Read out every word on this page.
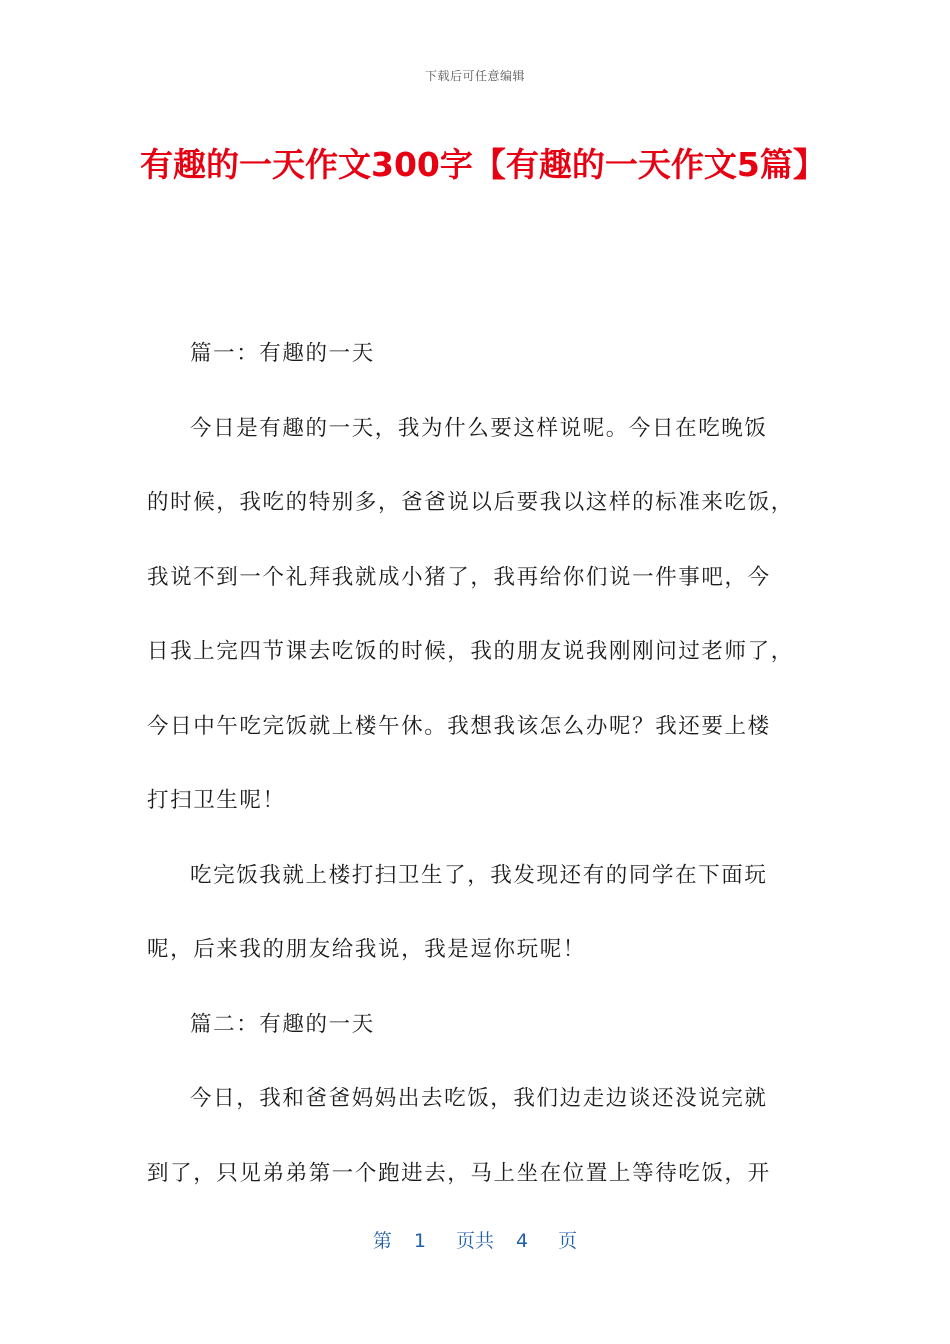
下载后可任意编辑
有趣的一天作文300字【有趣的一天作文5篇】

篇一：有趣的一天

今日是有趣的一天，我为什么要这样说呢。今日在吃晚饭
的时候，我吃的特别多，爸爸说以后要我以这样的标准来吃饭，
我说不到一个礼拜我就成小猪了，我再给你们说一件事吧，今
日我上完四节课去吃饭的时候，我的朋友说我刚刚问过老师了，
今日中午吃完饭就上楼午休。我想我该怎么办呢？我还要上楼
打扫卫生呢！

吃完饭我就上楼打扫卫生了，我发现还有的同学在下面玩
呢，后来我的朋友给我说，我是逗你玩呢！

篇二：有趣的一天

今日，我和爸爸妈妈出去吃饭，我们边走边谈还没说完就
到了，只见弟弟第一个跑进去，马上坐在位置上等待吃饭，开

第 1 页共 4 页
